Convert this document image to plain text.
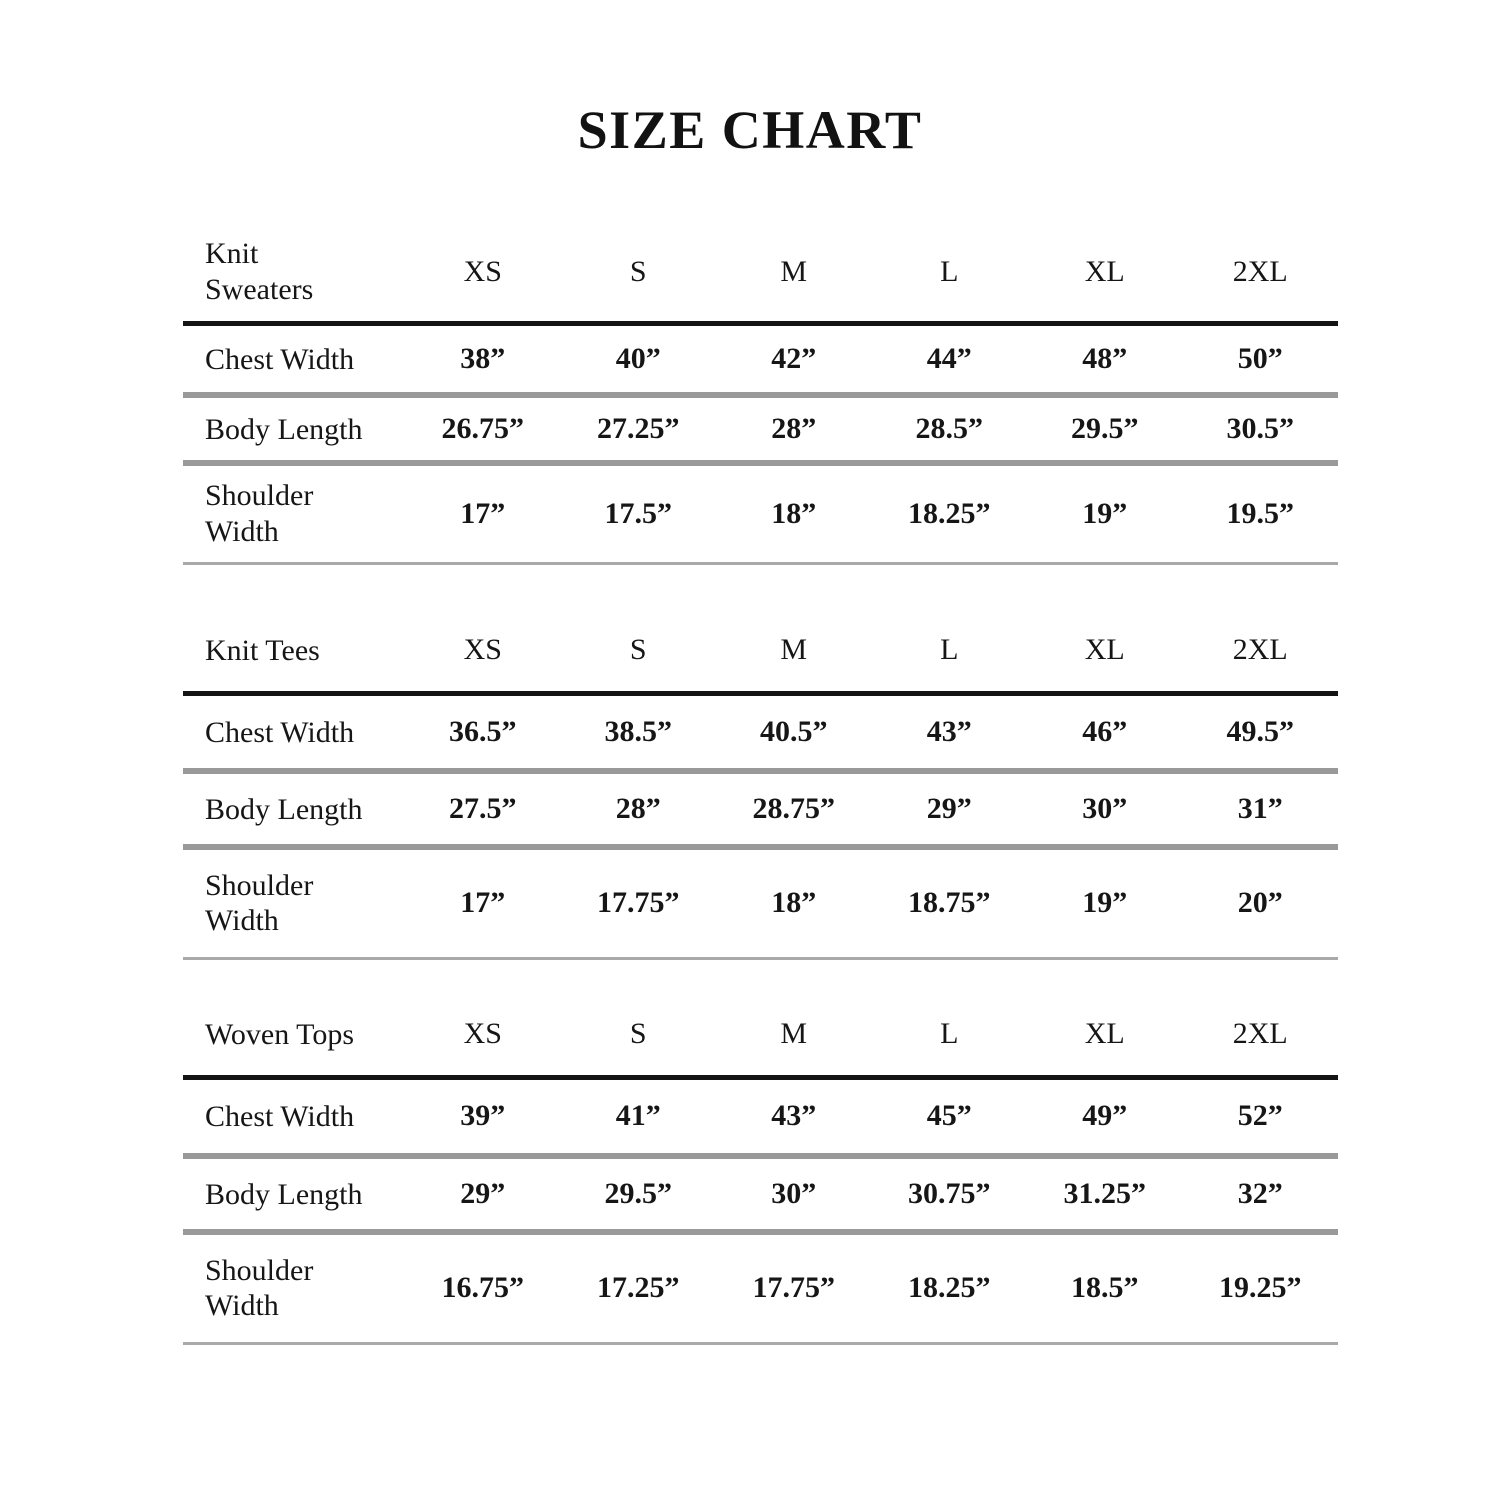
SIZE CHART
Knit Sweaters	XS	S	M	L	XL	2XL
Chest Width	38”	40”	42”	44”	48”	50”
Body Length	26.75”	27.25”	28”	28.5”	29.5”	30.5”
Shoulder Width	17”	17.5”	18”	18.25”	19”	19.5”
Knit Tees	XS	S	M	L	XL	2XL
Chest Width	36.5”	38.5”	40.5”	43”	46”	49.5”
Body Length	27.5”	28”	28.75”	29”	30”	31”
Shoulder Width	17”	17.75”	18”	18.75”	19”	20”
Woven Tops	XS	S	M	L	XL	2XL
Chest Width	39”	41”	43”	45”	49”	52”
Body Length	29”	29.5”	30”	30.75”	31.25”	32”
Shoulder Width	16.75”	17.25”	17.75”	18.25”	18.5”	19.25”
